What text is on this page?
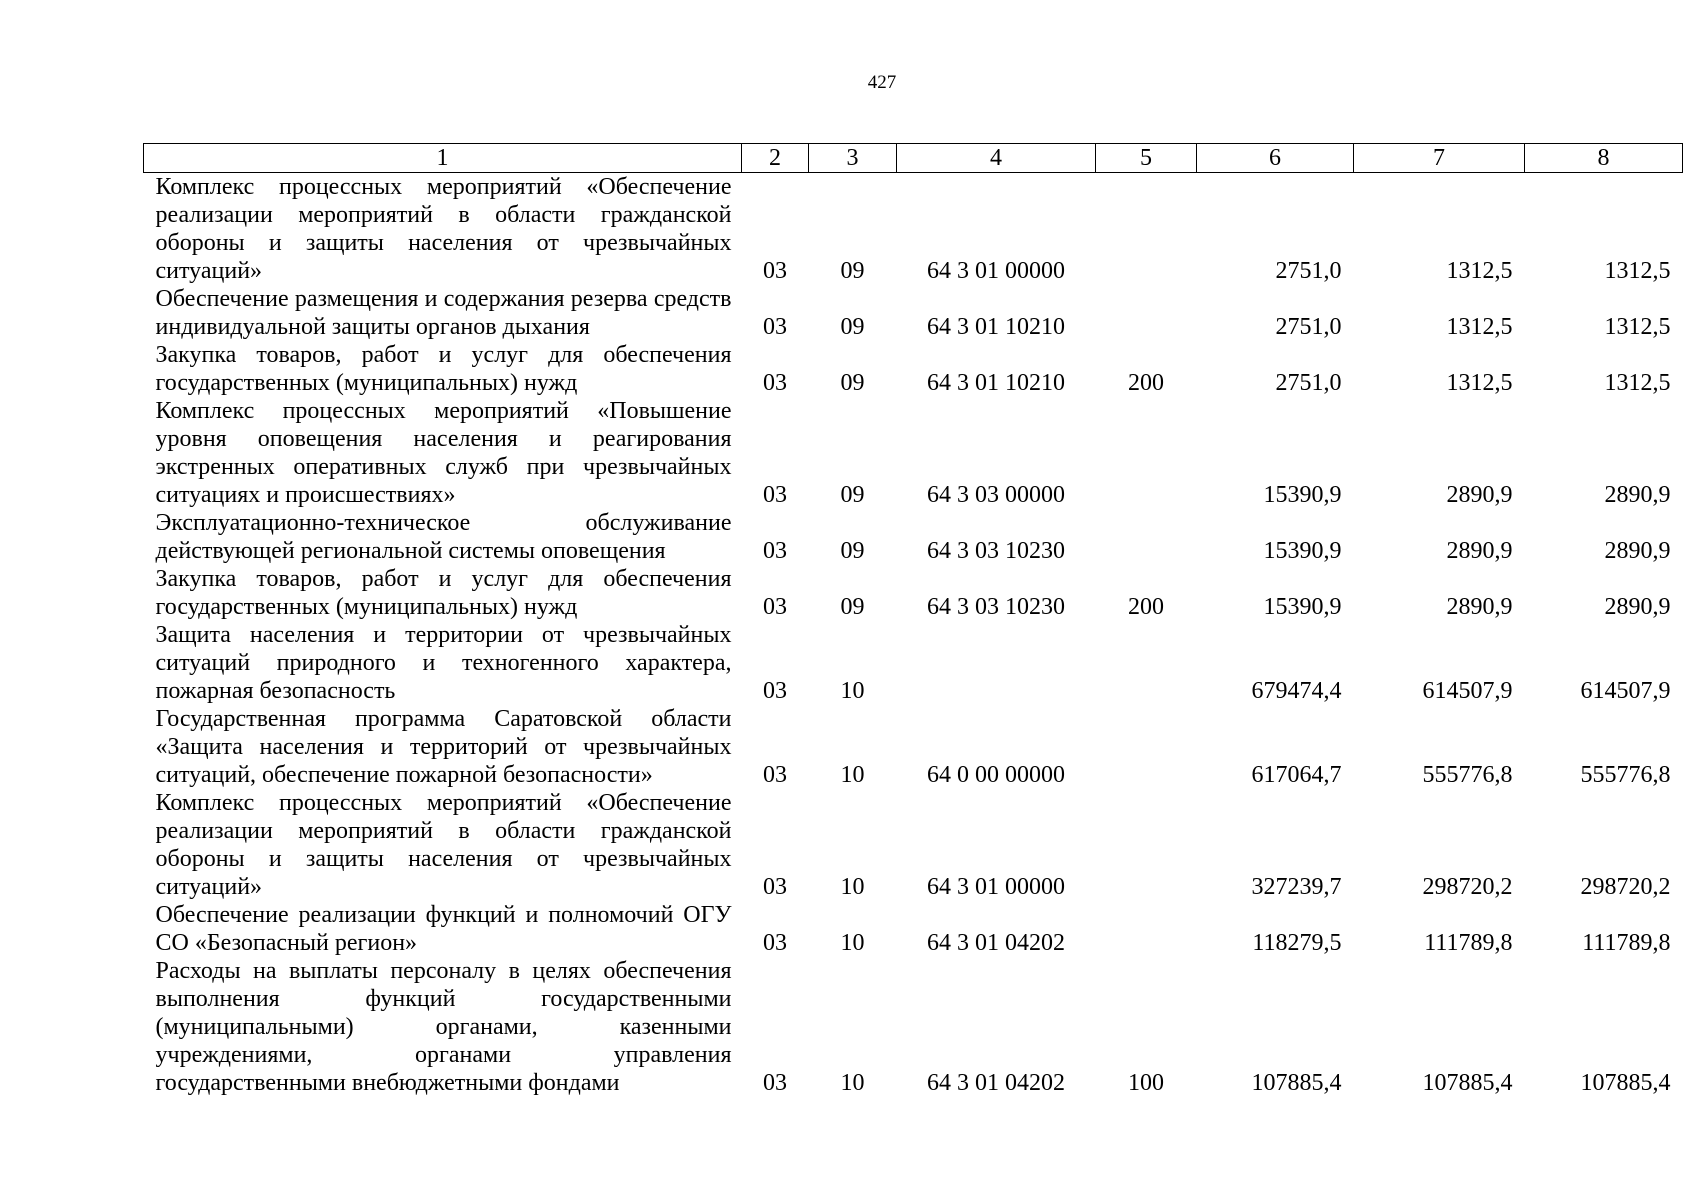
427
1	2	3	4	5	6	7	8
Комплекс процессных мероприятий «Обеспечение реализации мероприятий в области гражданской обороны и защиты населения от чрезвычайных ситуаций»	03	09	64 3 01 00000		2751,0	1312,5	1312,5
Обеспечение размещения и содержания резерва средств индивидуальной защиты органов дыхания	03	09	64 3 01 10210		2751,0	1312,5	1312,5
Закупка товаров, работ и услуг для обеспечения государственных (муниципальных) нужд	03	09	64 3 01 10210	200	2751,0	1312,5	1312,5
Комплекс процессных мероприятий «Повышение уровня оповещения населения и реагирования экстренных оперативных служб при чрезвычайных ситуациях и происшествиях»	03	09	64 3 03 00000		15390,9	2890,9	2890,9
Эксплуатационно-техническое обслуживание действующей региональной системы оповещения	03	09	64 3 03 10230		15390,9	2890,9	2890,9
Закупка товаров, работ и услуг для обеспечения государственных (муниципальных) нужд	03	09	64 3 03 10230	200	15390,9	2890,9	2890,9
Защита населения и территории от чрезвычайных ситуаций природного и техногенного характера, пожарная безопасность	03	10			679474,4	614507,9	614507,9
Государственная программа Саратовской области «Защита населения и территорий от чрезвычайных ситуаций, обеспечение пожарной безопасности»	03	10	64 0 00 00000		617064,7	555776,8	555776,8
Комплекс процессных мероприятий «Обеспечение реализации мероприятий в области гражданской обороны и защиты населения от чрезвычайных ситуаций»	03	10	64 3 01 00000		327239,7	298720,2	298720,2
Обеспечение реализации функций и полномочий ОГУ СО «Безопасный регион»	03	10	64 3 01 04202		118279,5	111789,8	111789,8
Расходы на выплаты персоналу в целях обеспечения выполнения функций государственными (муниципальными) органами, казенными учреждениями, органами управления государственными внебюджетными фондами	03	10	64 3 01 04202	100	107885,4	107885,4	107885,4
